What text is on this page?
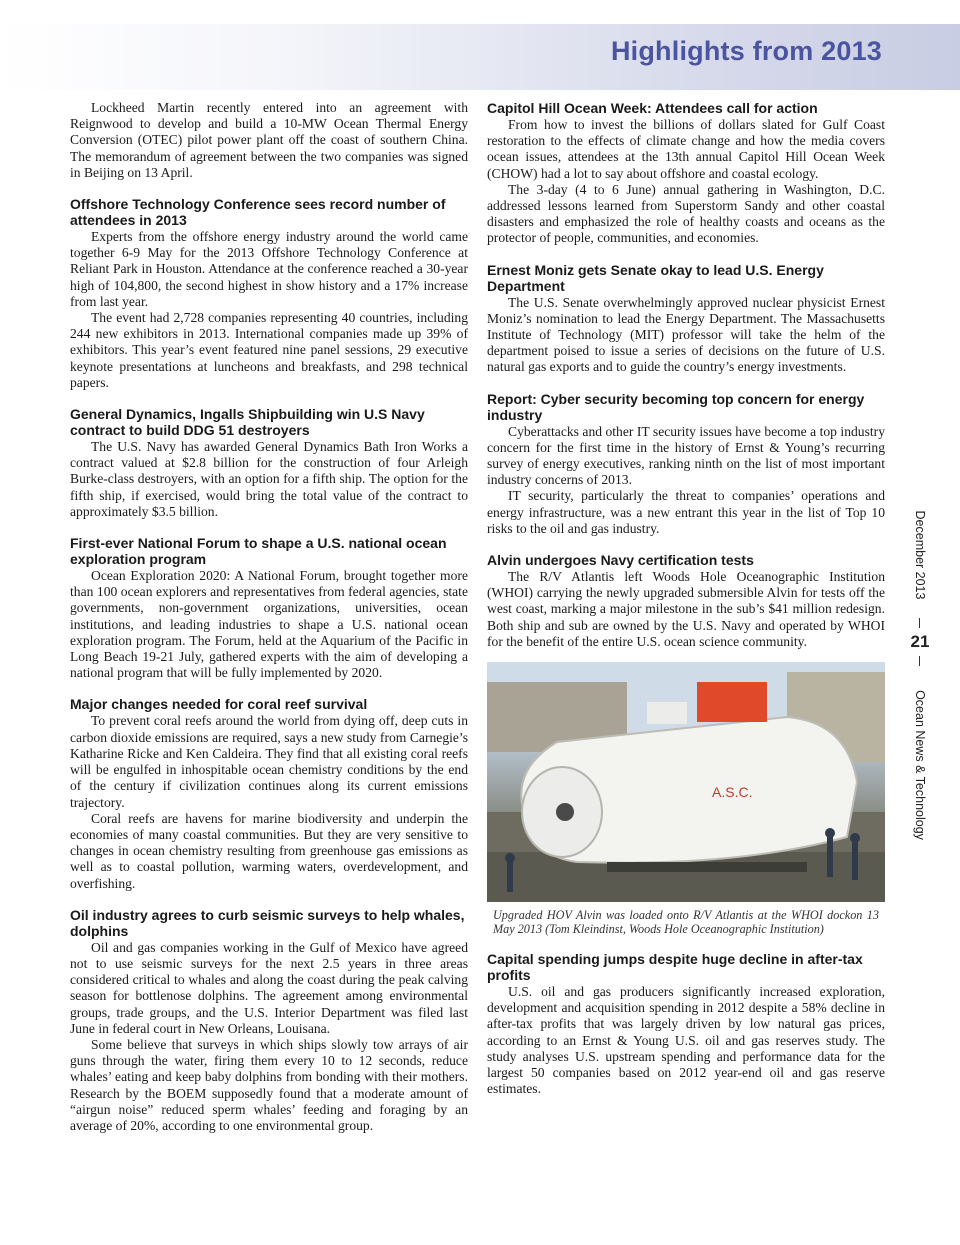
Highlights from 2013

Lockheed Martin recently entered into an agreement with Reignwood to develop and build a 10-MW Ocean Thermal Energy Conversion (OTEC) pilot power plant off the coast of southern China. The memorandum of agreement between the two companies was signed in Beijing on 13 April.

Offshore Technology Conference sees record number of attendees in 2013

Experts from the offshore energy industry around the world came together 6-9 May for the 2013 Offshore Technology Conference at Reliant Park in Houston. Attendance at the conference reached a 30-year high of 104,800, the second highest in show history and a 17% increase from last year.

The event had 2,728 companies representing 40 countries, including 244 new exhibitors in 2013. International companies made up 39% of exhibitors. This year’s event featured nine panel sessions, 29 executive keynote presentations at luncheons and breakfasts, and 298 technical papers.

General Dynamics, Ingalls Shipbuilding win U.S Navy contract to build DDG 51 destroyers

The U.S. Navy has awarded General Dynamics Bath Iron Works a contract valued at $2.8 billion for the construction of four Arleigh Burke-class destroyers, with an option for a fifth ship. The option for the fifth ship, if exercised, would bring the total value of the contract to approximately $3.5 billion.

First-ever National Forum to shape a U.S. national ocean exploration program

Ocean Exploration 2020: A National Forum, brought together more than 100 ocean explorers and representatives from federal agencies, state governments, non-government organizations, universities, ocean institutions, and leading industries to shape a U.S. national ocean exploration program. The Forum, held at the Aquarium of the Pacific in Long Beach 19-21 July, gathered experts with the aim of developing a national program that will be fully implemented by 2020.

Major changes needed for coral reef survival

To prevent coral reefs around the world from dying off, deep cuts in carbon dioxide emissions are required, says a new study from Carnegie’s Katharine Ricke and Ken Caldeira. They find that all existing coral reefs will be engulfed in inhospitable ocean chemistry conditions by the end of the century if civilization continues along its current emissions trajectory.

Coral reefs are havens for marine biodiversity and underpin the economies of many coastal communities. But they are very sensitive to changes in ocean chemistry resulting from greenhouse gas emissions as well as to coastal pollution, warming waters, overdevelopment, and overfishing.

Oil industry agrees to curb seismic surveys to help whales, dolphins

Oil and gas companies working in the Gulf of Mexico have agreed not to use seismic surveys for the next 2.5 years in three areas considered critical to whales and along the coast during the peak calving season for bottlenose dolphins. The agreement among environmental groups, trade groups, and the U.S. Interior Department was filed last June in federal court in New Orleans, Louisana.

Some believe that surveys in which ships slowly tow arrays of air guns through the water, firing them every 10 to 12 seconds, reduce whales’ eating and keep baby dolphins from bonding with their mothers. Research by the BOEM supposedly found that a moderate amount of “airgun noise” reduced sperm whales’ feeding and foraging by an average of 20%, according to one environmental group.

Capitol Hill Ocean Week: Attendees call for action

From how to invest the billions of dollars slated for Gulf Coast restoration to the effects of climate change and how the media covers ocean issues, attendees at the 13th annual Capitol Hill Ocean Week (CHOW) had a lot to say about offshore and coastal ecology.

The 3-day (4 to 6 June) annual gathering in Washington, D.C. addressed lessons learned from Superstorm Sandy and other coastal disasters and emphasized the role of healthy coasts and oceans as the protector of people, communities, and economies.

Ernest Moniz gets Senate okay to lead U.S. Energy Department

The U.S. Senate overwhelmingly approved nuclear physicist Ernest Moniz’s nomination to lead the Energy Department. The Massachusetts Institute of Technology (MIT) professor will take the helm of the department poised to issue a series of decisions on the future of U.S. natural gas exports and to guide the country’s energy investments.

Report: Cyber security becoming top concern for energy industry

Cyberattacks and other IT security issues have become a top industry concern for the first time in the history of Ernst & Young’s recurring survey of energy executives, ranking ninth on the list of most important industry concerns of 2013.

IT security, particularly the threat to companies’ operations and energy infrastructure, was a new entrant this year in the list of Top 10 risks to the oil and gas industry.

Alvin undergoes Navy certification tests

The R/V Atlantis left Woods Hole Oceanographic Institution (WHOI) carrying the newly upgraded submersible Alvin for tests off the west coast, marking a major milestone in the sub’s $41 million redesign. Both ship and sub are owned by the U.S. Navy and operated by WHOI for the benefit of the entire U.S. ocean science community.

A.S.C.
Upgraded HOV Alvin was loaded onto R/V Atlantis at the WHOI dockon 13 May 2013 (Tom Kleindinst, Woods Hole Oceanographic Institution)
Capital spending jumps despite huge decline in after-tax profits

U.S. oil and gas producers significantly increased exploration, development and acquisition spending in 2012 despite a 58% decline in after-tax profits that was largely driven by low natural gas prices, according to an Ernst & Young U.S. oil and gas reserves study. The study analyses U.S. upstream spending and performance data for the largest 50 companies based on 2012 year-end oil and gas reserve estimates.

December 2013
21
Ocean News & Technology
